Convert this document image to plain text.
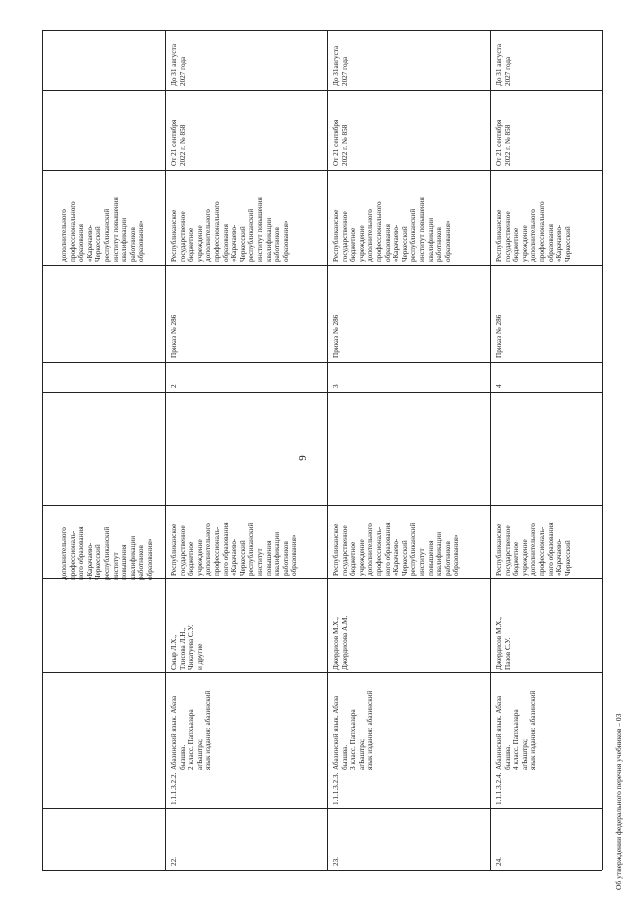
дополнительного
профессиональ-
ного образования
«Карачаево-
Черкесский
республиканский
институт
повышения
квалификации
работников
образования»
дополнительного
профессионального
образования
«Карачаево-
Черкесский
республиканский
институт повышения
квалификации
работников
образования»
22.
1.1.1.3.2.2.
Абазинский язык. Абаза
бызшва.
2 класс. Папхьазара
агЬаштра;
язык издания: абазинский
Смыр Л.Х.,
Тлисова Л.Н.,
Чикатуева С.У.
и другие
Республиканское
государственное
бюджетное
учреждение
дополнительного
профессиональ-
ного образования
«Карачаево-
Черкесский
республиканский
институт
повышения
квалификации
работников
образования»
2
Приказ № 286
Республиканское
государственное
бюджетное
учреждение
дополнительного
профессионального
образования
«Карачаево-
Черкесский
республиканский
институт повышения
квалификации
работников
образования»
От 21 сентября
2022 г. № 858
До 31 августа
2027 года
23.
1.1.1.3.2.3.
Абазинский язык. Абаза
бызшва.
3 класс. Папхьазара
агЬаштра;
язык издания: абазинский
Джердисов М.Х.,
Джердисова А.М.
Республиканское
государственное
бюджетное
учреждение
дополнительного
профессиональ-
ного образования
«Карачаево-
Черкесский
республиканский
институт
повышения
квалификации
работников
образования»
3
Приказ № 286
Республиканское
государственное
бюджетное
учреждение
дополнительного
профессионального
образования
«Карачаево-
Черкесский
республиканский
институт повышения
квалификации
работников
образования»
От 21 сентября
2022 г. № 858
До 31августа
2027 года
24.
1.1.1.3.2.4.
Абазинский язык. Абаза
бызшва.
4 класс. Папхьазара
агЬаштра;
язык издания: абазинский
Джердисов М.Х.,
Пазов С.У.
Республиканское
государственное
бюджетное
учреждение
дополнительного
профессиональ-
ного образования
«Карачаево-
Черкесский
4
Приказ № 286
Республиканское
государственное
бюджетное
учреждение
дополнительного
профессионального
образования
«Карачаево-
Черкесский
От 21 сентября
2022 г. № 858
До 31 августа
2027 года
9
Об утверждении федерального перечня учебников – 03
